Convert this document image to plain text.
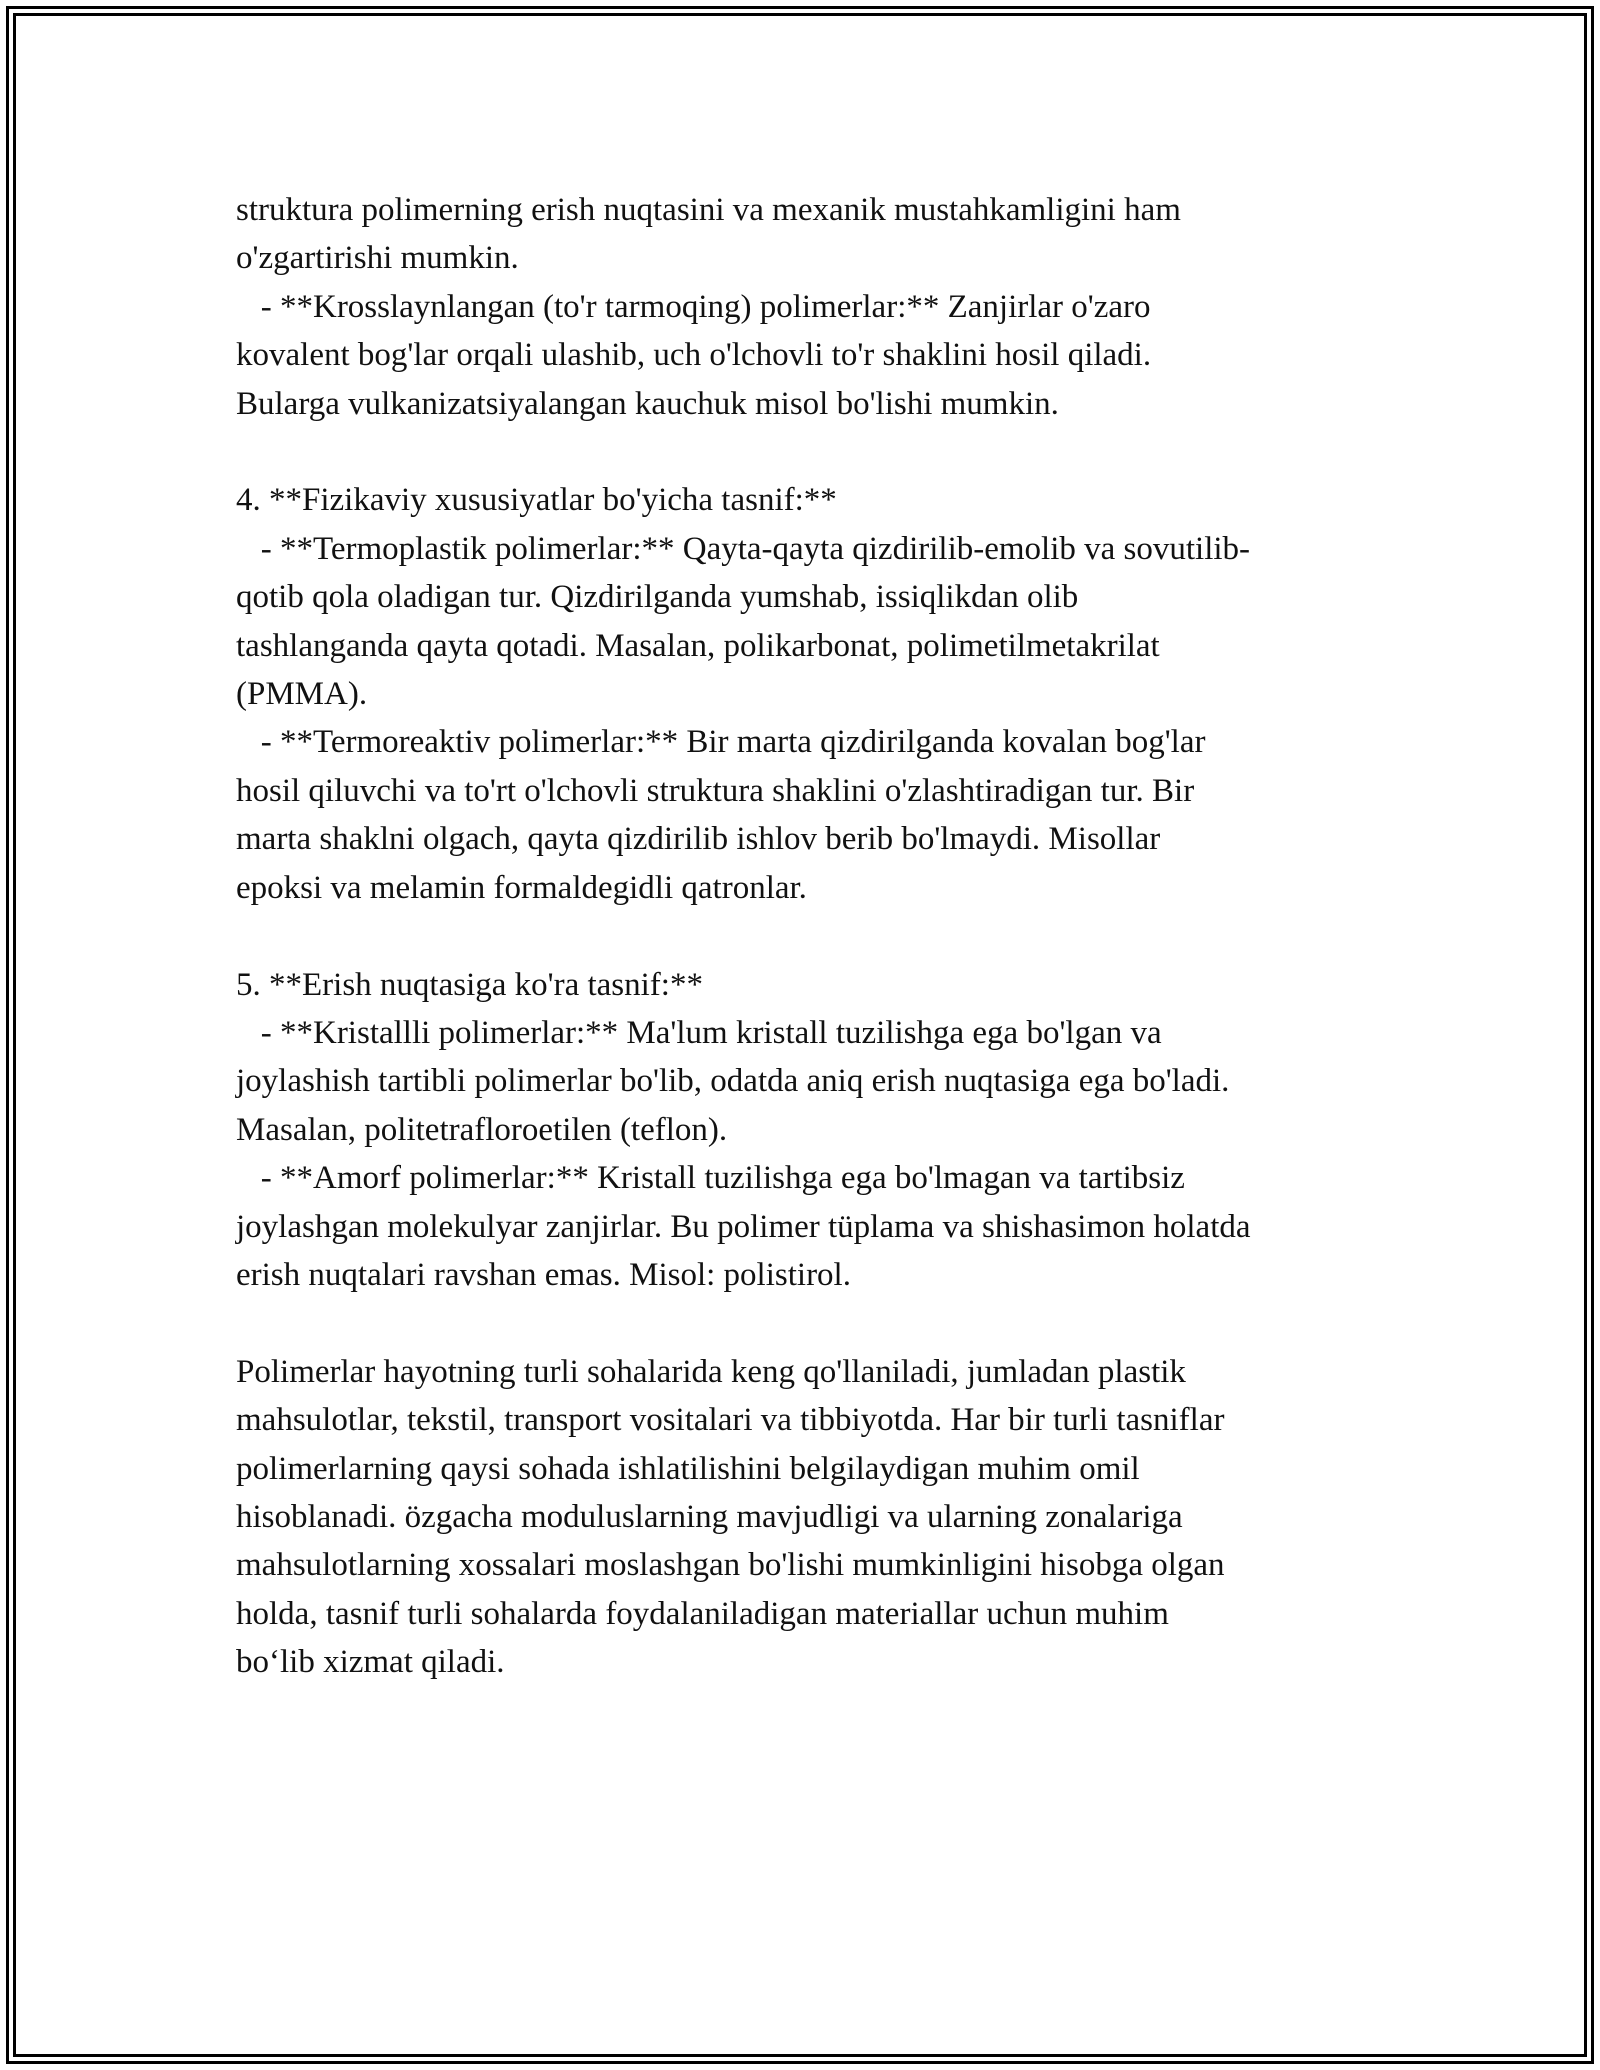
struktura polimerning erish nuqtasini va mexanik mustahkamligini ham
o'zgartirishi mumkin.
- **Krosslaynlangan (to'r tarmoqing) polimerlar:** Zanjirlar o'zaro
kovalent bog'lar orqali ulashib, uch o'lchovli to'r shaklini hosil qiladi.
Bularga vulkanizatsiyalangan kauchuk misol bo'lishi mumkin.

4. **Fizikaviy xususiyatlar bo'yicha tasnif:**
- **Termoplastik polimerlar:** Qayta-qayta qizdirilib-emolib va sovutilib-
qotib qola oladigan tur. Qizdirilganda yumshab, issiqlikdan olib
tashlanganda qayta qotadi. Masalan, polikarbonat, polimetilmetakrilat
(PMMA).
- **Termoreaktiv polimerlar:** Bir marta qizdirilganda kovalan bog'lar
hosil qiluvchi va to'rt o'lchovli struktura shaklini o'zlashtiradigan tur. Bir
marta shaklni olgach, qayta qizdirilib ishlov berib bo'lmaydi. Misollar
epoksi va melamin formaldegidli qatronlar.

5. **Erish nuqtasiga ko'ra tasnif:**
- **Kristallli polimerlar:** Ma'lum kristall tuzilishga ega bo'lgan va
joylashish tartibli polimerlar bo'lib, odatda aniq erish nuqtasiga ega bo'ladi.
Masalan, politetrafloroetilen (teflon).
- **Amorf polimerlar:** Kristall tuzilishga ega bo'lmagan va tartibsiz
joylashgan molekulyar zanjirlar. Bu polimer tüplama va shishasimon holatda
erish nuqtalari ravshan emas. Misol: polistirol.

Polimerlar hayotning turli sohalarida keng qo'llaniladi, jumladan plastik
mahsulotlar, tekstil, transport vositalari va tibbiyotda. Har bir turli tasniflar
polimerlarning qaysi sohada ishlatilishini belgilaydigan muhim omil
hisoblanadi. özgacha moduluslarning mavjudligi va ularning zonalariga
mahsulotlarning xossalari moslashgan bo'lishi mumkinligini hisobga olgan
holda, tasnif turli sohalarda foydalaniladigan materiallar uchun muhim
bo‘lib xizmat qiladi.
